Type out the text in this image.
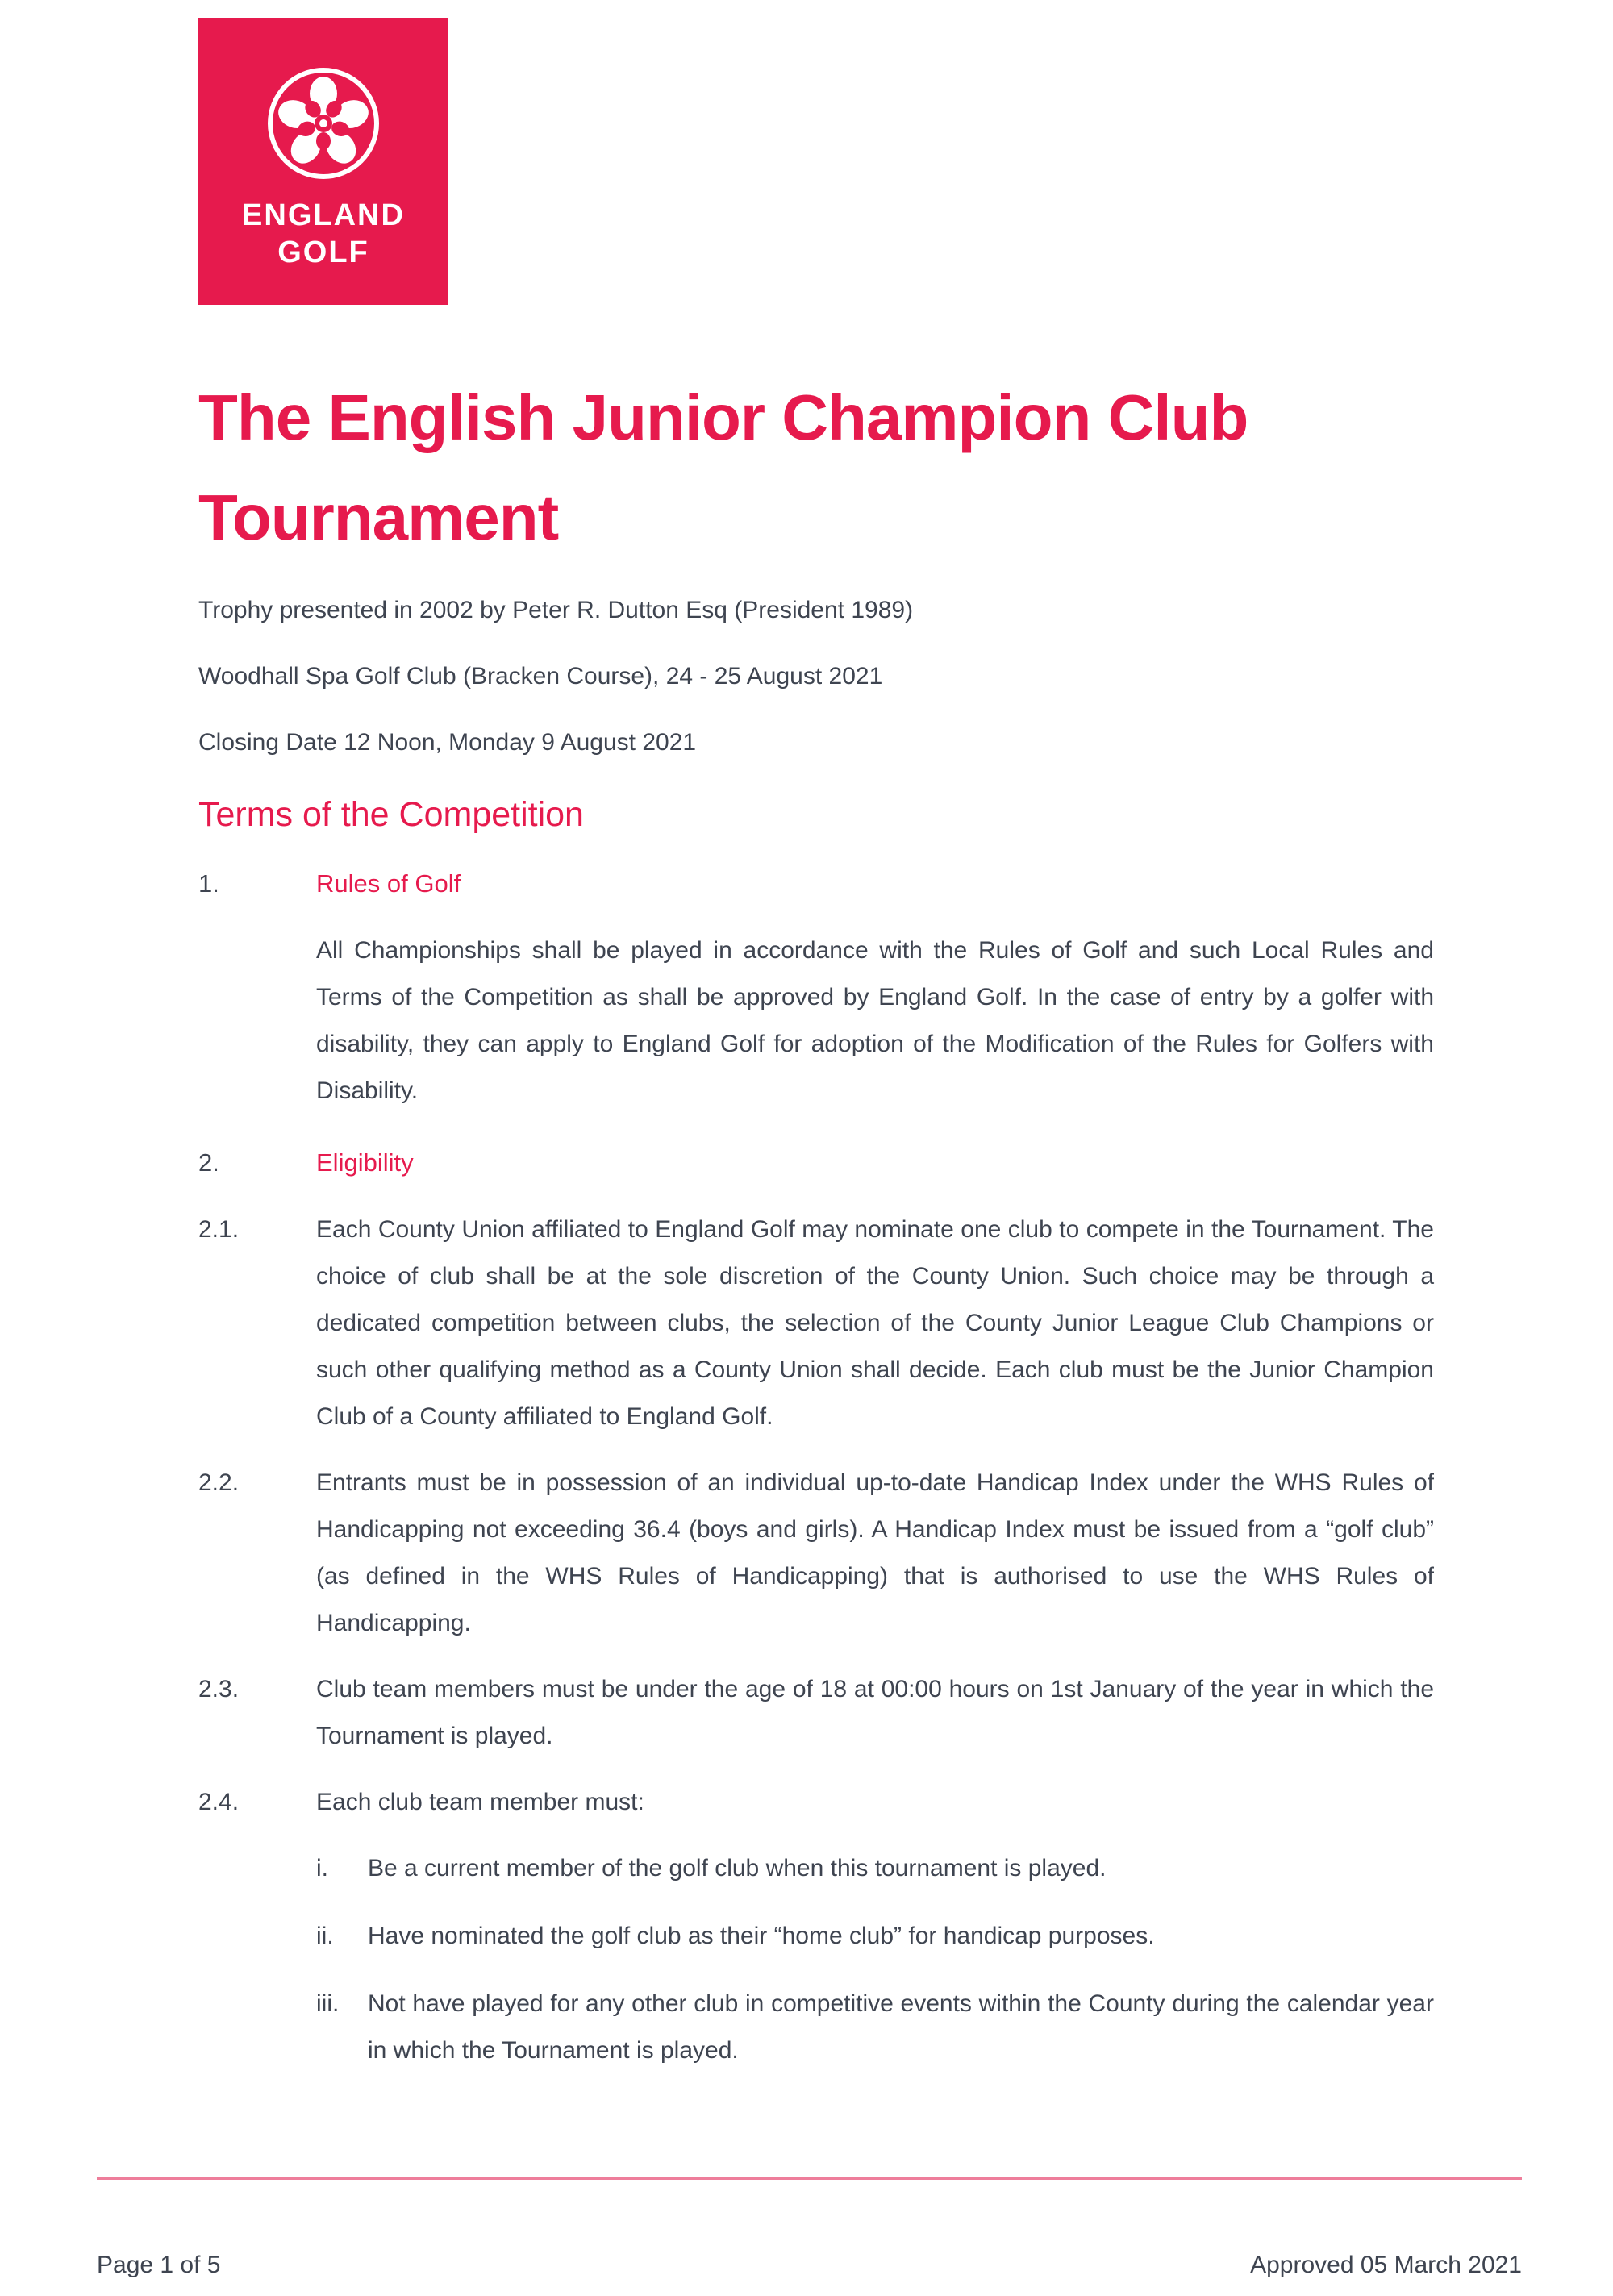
ENGLAND
GOLF
The English Junior Champion Club
Tournament

Trophy presented in 2002 by Peter R. Dutton Esq (President 1989)

Woodhall Spa Golf Club (Bracken Course), 24 - 25 August 2021

Closing Date 12 Noon, Monday 9 August 2021

Terms of the Competition
1.	Rules of Golf

All Championships shall be played in accordance with the Rules of Golf and such Local Rules and Terms of the Competition as shall be approved by England Golf. In the case of entry by a golfer with disability, they can apply to England Golf for adoption of the Modification of the Rules for Golfers with Disability.

2.	Eligibility
2.1.	Each County Union affiliated to England Golf may nominate one club to compete in the Tournament. The choice of club shall be at the sole discretion of the County Union. Such choice may be through a dedicated competition between clubs, the selection of the County Junior League Club Champions or such other qualifying method as a County Union shall decide. Each club must be the Junior Champion Club of a County affiliated to England Golf.

2.2.	Entrants must be in possession of an individual up-to-date Handicap Index under the WHS Rules of Handicapping not exceeding 36.4 (boys and girls). A Handicap Index must be issued from a “golf club” (as defined in the WHS Rules of Handicapping) that is authorised to use the WHS Rules of Handicapping.

2.3.	Club team members must be under the age of 18 at 00:00 hours on 1st January of the year in which the Tournament is played.

2.4.	Each club team member must:

i.	Be a current member of the golf club when this tournament is played.

ii.	Have nominated the golf club as their “home club” for handicap purposes.

iii.	Not have played for any other club in competitive events within the County during the calendar year in which the Tournament is played.

Page 1 of 5	Approved 05 March 2021
